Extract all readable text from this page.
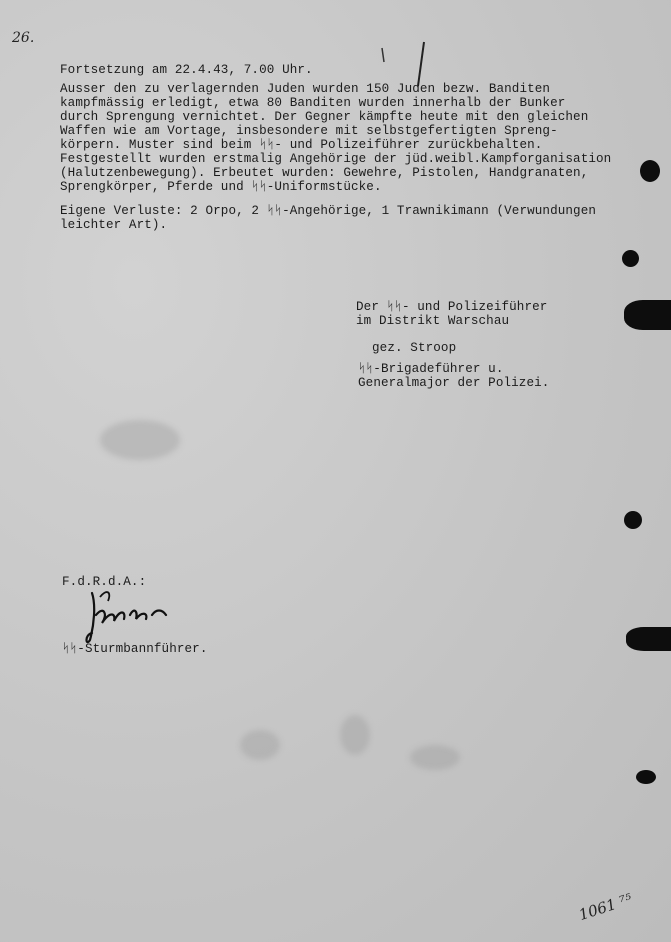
26.
Fortsetzung am 22.4.43, 7.00 Uhr.
Ausser den zu verlagernden Juden wurden 150 Juden bezw. Banditen
kampfmässig erledigt, etwa 80 Banditen wurden innerhalb der Bunker
durch Sprengung vernichtet. Der Gegner kämpfte heute mit den gleichen
Waffen wie am Vortage, insbesondere mit selbstgefertigten Spreng-
körpern. Muster sind beim ᛋᛋ- und Polizeiführer zurückbehalten.
Festgestellt wurden erstmalig Angehörige der jüd.weibl.Kampforganisation
(Halutzenbewegung). Erbeutet wurden: Gewehre, Pistolen, Handgranaten,
Sprengkörper, Pferde und ᛋᛋ-Uniformstücke.
Eigene Verluste: 2 Orpo, 2 ᛋᛋ-Angehörige, 1 Trawnikimann (Verwundungen
leichter Art).
Der ᛋᛋ- und Polizeiführer
im Distrikt Warschau
gez. Stroop
ᛋᛋ-Brigadeführer u.
Generalmajor der Polizei.
F.d.R.d.A.:
ᛋᛋ-Sturmbannführer.
1061 ⁷⁵
